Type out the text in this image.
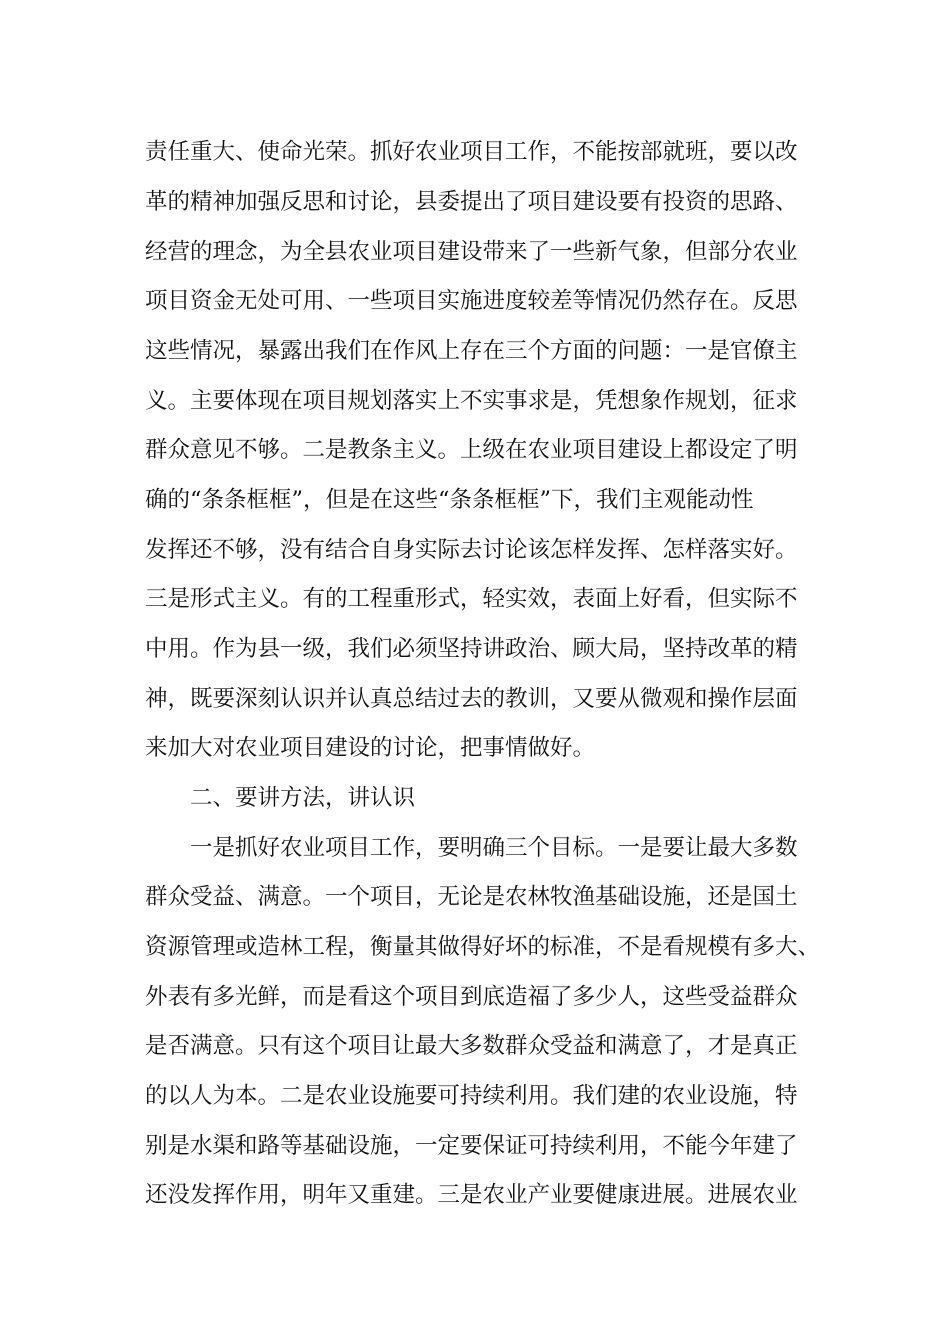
责任重大、使命光荣。抓好农业项目工作，不能按部就班，要以改

革的精神加强反思和讨论，县委提出了项目建设要有投资的思路、

经营的理念，为全县农业项目建设带来了一些新气象，但部分农业

项目资金无处可用、一些项目实施进度较差等情况仍然存在。反思

这些情况，暴露出我们在作风上存在三个方面的问题：一是官僚主

义。主要体现在项目规划落实上不实事求是，凭想象作规划，征求

群众意见不够。二是教条主义。上级在农业项目建设上都设定了明

确的“条条框框”，但是在这些“条条框框”下，我们主观能动性

发挥还不够，没有结合自身实际去讨论该怎样发挥、怎样落实好。

三是形式主义。有的工程重形式，轻实效，表面上好看，但实际不

中用。作为县一级，我们必须坚持讲政治、顾大局，坚持改革的精

神，既要深刻认识并认真总结过去的教训，又要从微观和操作层面

来加大对农业项目建设的讨论，把事情做好。

二、要讲方法，讲认识

一是抓好农业项目工作，要明确三个目标。一是要让最大多数

群众受益、满意。一个项目，无论是农林牧渔基础设施，还是国土

资源管理或造林工程，衡量其做得好坏的标准，不是看规模有多大、

外表有多光鲜，而是看这个项目到底造福了多少人，这些受益群众

是否满意。只有这个项目让最大多数群众受益和满意了，才是真正

的以人为本。二是农业设施要可持续利用。我们建的农业设施，特

别是水渠和路等基础设施，一定要保证可持续利用，不能今年建了

还没发挥作用，明年又重建。三是农业产业要健康进展。进展农业
